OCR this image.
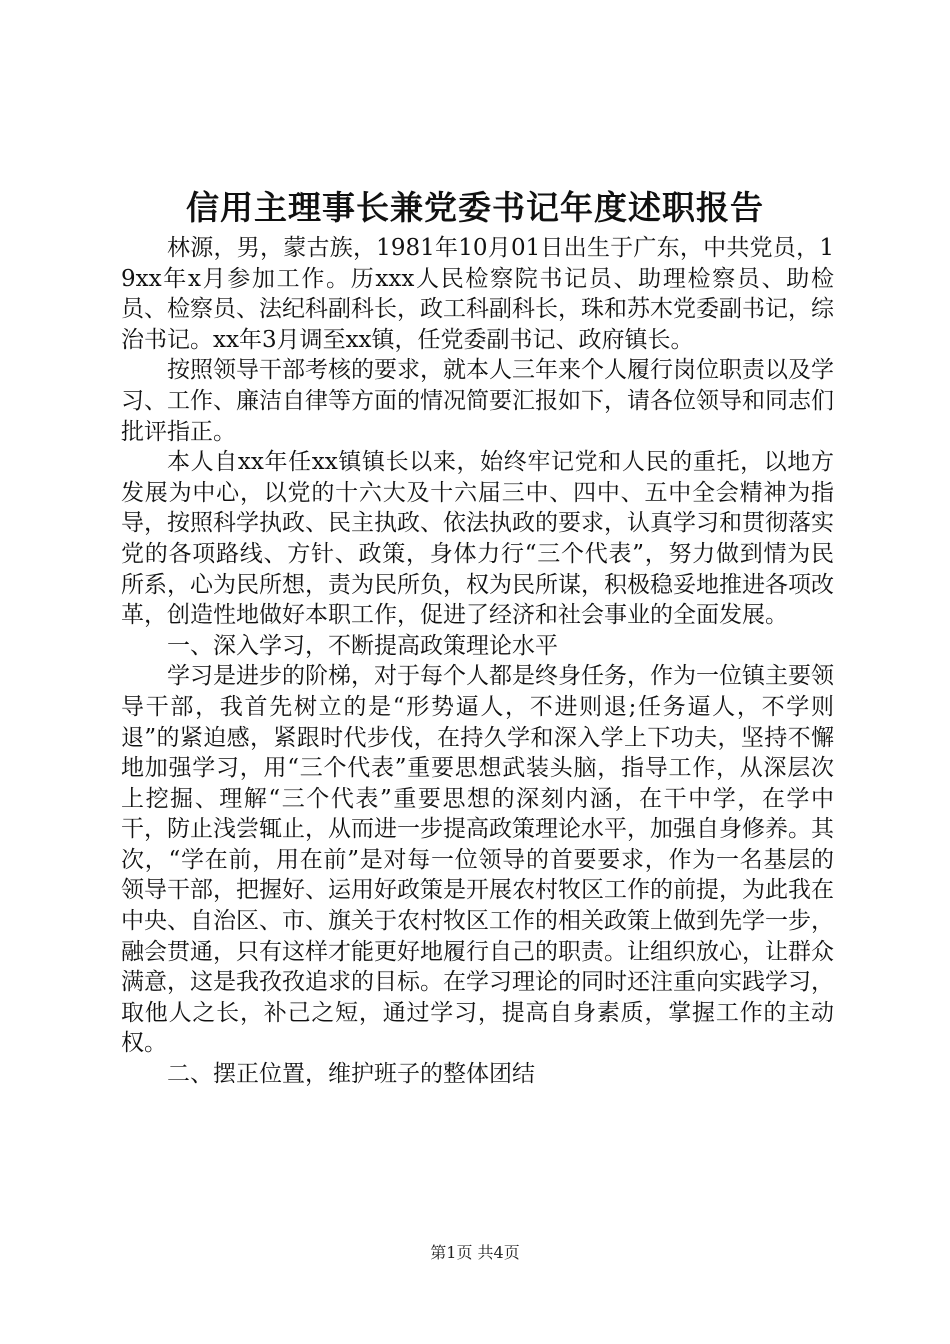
信用主理事长兼党委书记年度述职报告

林源，男，蒙古族，1981年10月01日出生于广东，中共党员，19xx年x月参加工作。历xxx人民检察院书记员、助理检察员、助检员、检察员、法纪科副科长，政工科副科长，珠和苏木党委副书记，综治书记。xx年3月调至xx镇，任党委副书记、政府镇长。

按照领导干部考核的要求，就本人三年来个人履行岗位职责以及学习、工作、廉洁自律等方面的情况简要汇报如下，请各位领导和同志们批评指正。

本人自xx年任xx镇镇长以来，始终牢记党和人民的重托，以地方发展为中心，以党的十六大及十六届三中、四中、五中全会精神为指导，按照科学执政、民主执政、依法执政的要求，认真学习和贯彻落实党的各项路线、方针、政策，身体力行“三个代表”，努力做到情为民所系，心为民所想，责为民所负，权为民所谋，积极稳妥地推进各项改革，创造性地做好本职工作，促进了经济和社会事业的全面发展。

一、深入学习，不断提高政策理论水平

学习是进步的阶梯，对于每个人都是终身任务，作为一位镇主要领导干部，我首先树立的是“形势逼人，不进则退;任务逼人，不学则退”的紧迫感，紧跟时代步伐，在持久学和深入学上下功夫，坚持不懈地加强学习，用“三个代表”重要思想武装头脑，指导工作，从深层次上挖掘、理解“三个代表”重要思想的深刻内涵，在干中学，在学中干，防止浅尝辄止，从而进一步提高政策理论水平，加强自身修养。其次，“学在前，用在前”是对每一位领导的首要要求，作为一名基层的领导干部，把握好、运用好政策是开展农村牧区工作的前提，为此我在中央、自治区、市、旗关于农村牧区工作的相关政策上做到先学一步，融会贯通，只有这样才能更好地履行自己的职责。让组织放心，让群众满意，这是我孜孜追求的目标。在学习理论的同时还注重向实践学习，取他人之长，补己之短，通过学习，提高自身素质，掌握工作的主动权。

二、摆正位置，维护班子的整体团结

第1页 共4页
